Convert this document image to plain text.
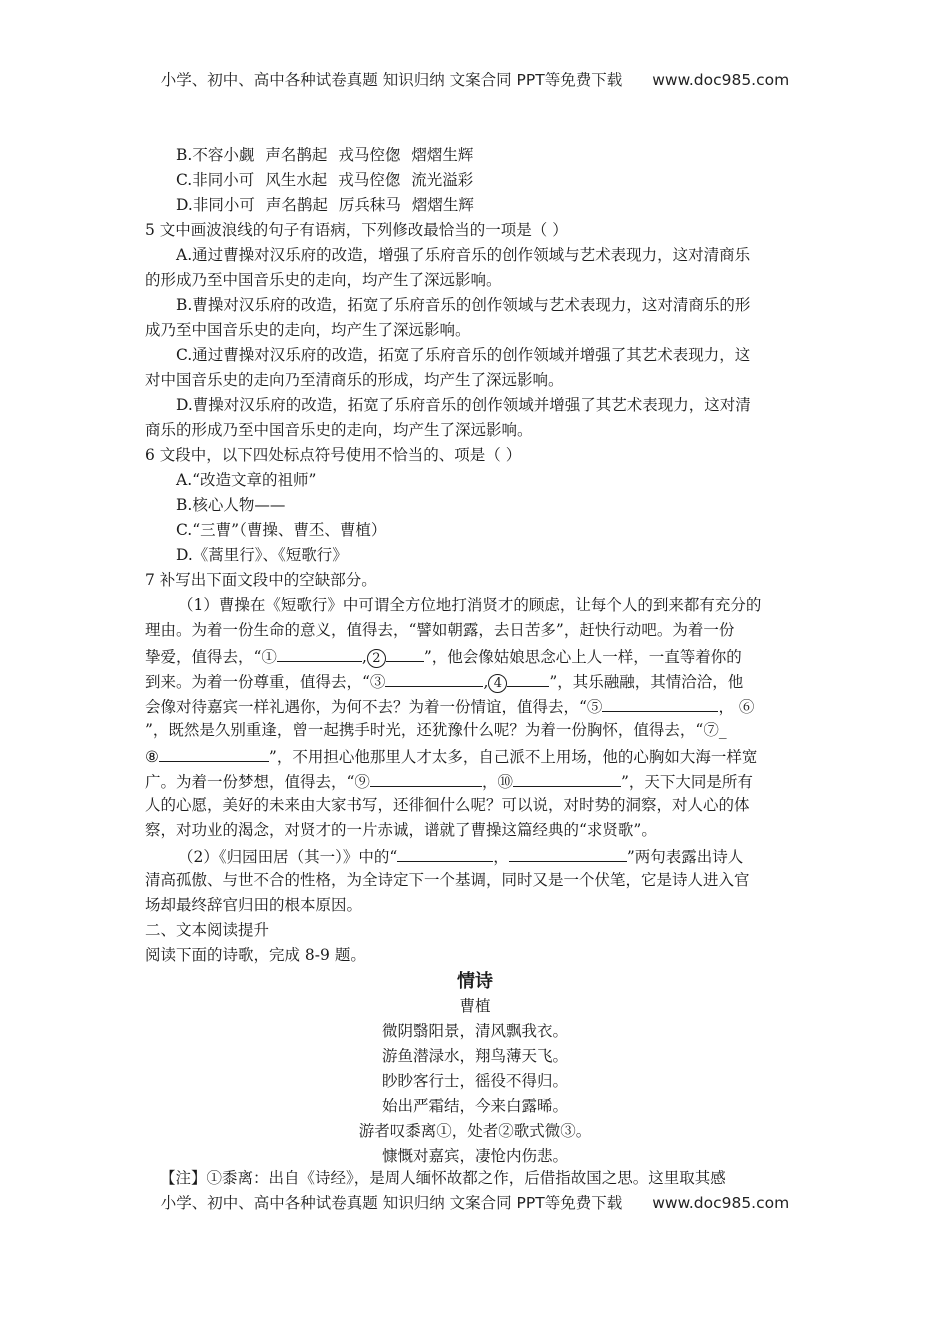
小学、初中、高中各种试卷真题 知识归纳 文案合同 PPT等免费下载 www.doc985.com
B.不容小觑 声名鹊起 戎马倥偬 熠熠生辉
C.非同小可 风生水起 戎马倥偬 流光溢彩
D.非同小可 声名鹊起 厉兵秣马 熠熠生辉
5 文中画波浪线的句子有语病，下列修改最恰当的一项是（ ）
A.通过曹操对汉乐府的改造，增强了乐府音乐的创作领域与艺术表现力，这对清商乐
的形成乃至中国音乐史的走向，均产生了深远影响。
B.曹操对汉乐府的改造，拓宽了乐府音乐的创作领域与艺术表现力，这对清商乐的形
成乃至中国音乐史的走向，均产生了深远影响。
C.通过曹操对汉乐府的改造，拓宽了乐府音乐的创作领域并增强了其艺术表现力，这
对中国音乐史的走向乃至清商乐的形成，均产生了深远影响。
D.曹操对汉乐府的改造，拓宽了乐府音乐的创作领域并增强了其艺术表现力，这对清
商乐的形成乃至中国音乐史的走向，均产生了深远影响。
6 文段中，以下四处标点符号使用不恰当的、项是（ ）
A.“改造文章的祖师”
B.核心人物——
C.“三曹”（曹操、曹丕、曹植）
D.《蒿里行》、《短歌行》
7 补写出下面文段中的空缺部分。
（1）曹操在《短歌行》中可谓全方位地打消贤才的顾虑，让每个人的到来都有充分的
理由。为着一份生命的意义，值得去，“譬如朝露，去日苦多”，赶快行动吧。为着一份
挚爱，值得去，“①	, 2	”，他会像姑娘思念心上人一样，一直等着你的
到来。为着一份尊重，值得去，“③	, 4	”，其乐融融，其情洽洽，他
会像对待嘉宾一样礼遇你，为何不去？为着一份情谊，值得去，“⑤	， ⑥
”，既然是久别重逢，曾一起携手时光，还犹豫什么呢？为着一份胸怀，值得去，“⑦_
⑧	”，不用担心他那里人才太多，自己派不上用场，他的心胸如大海一样宽
广。为着一份梦想，值得去，“⑨	，⑩	”，天下大同是所有
人的心愿，美好的未来由大家书写，还徘徊什么呢？可以说，对时势的洞察，对人心的体
察，对功业的渴念，对贤才的一片赤诚，谱就了曹操这篇经典的“求贤歌”。
（2）《归园田居（其一）》中的“	，	”两句表露出诗人
清高孤傲、与世不合的性格，为全诗定下一个基调，同时又是一个伏笔，它是诗人进入官
场却最终辞官归田的根本原因。
二、文本阅读提升
阅读下面的诗歌，完成 8-9 题。
情诗
曹植
微阴翳阳景，清风飘我衣。
游鱼潜渌水，翔鸟薄天飞。
眇眇客行士，徭役不得归。
始出严霜结，今来白露晞。
游者叹黍离①，处者②歌式微③。
慷慨对嘉宾，凄怆内伤悲。
【注】①黍离：出自《诗经》，是周人缅怀故都之作，后借指故国之思。这里取其感
小学、初中、高中各种试卷真题 知识归纳 文案合同 PPT等免费下载 www.doc985.com
